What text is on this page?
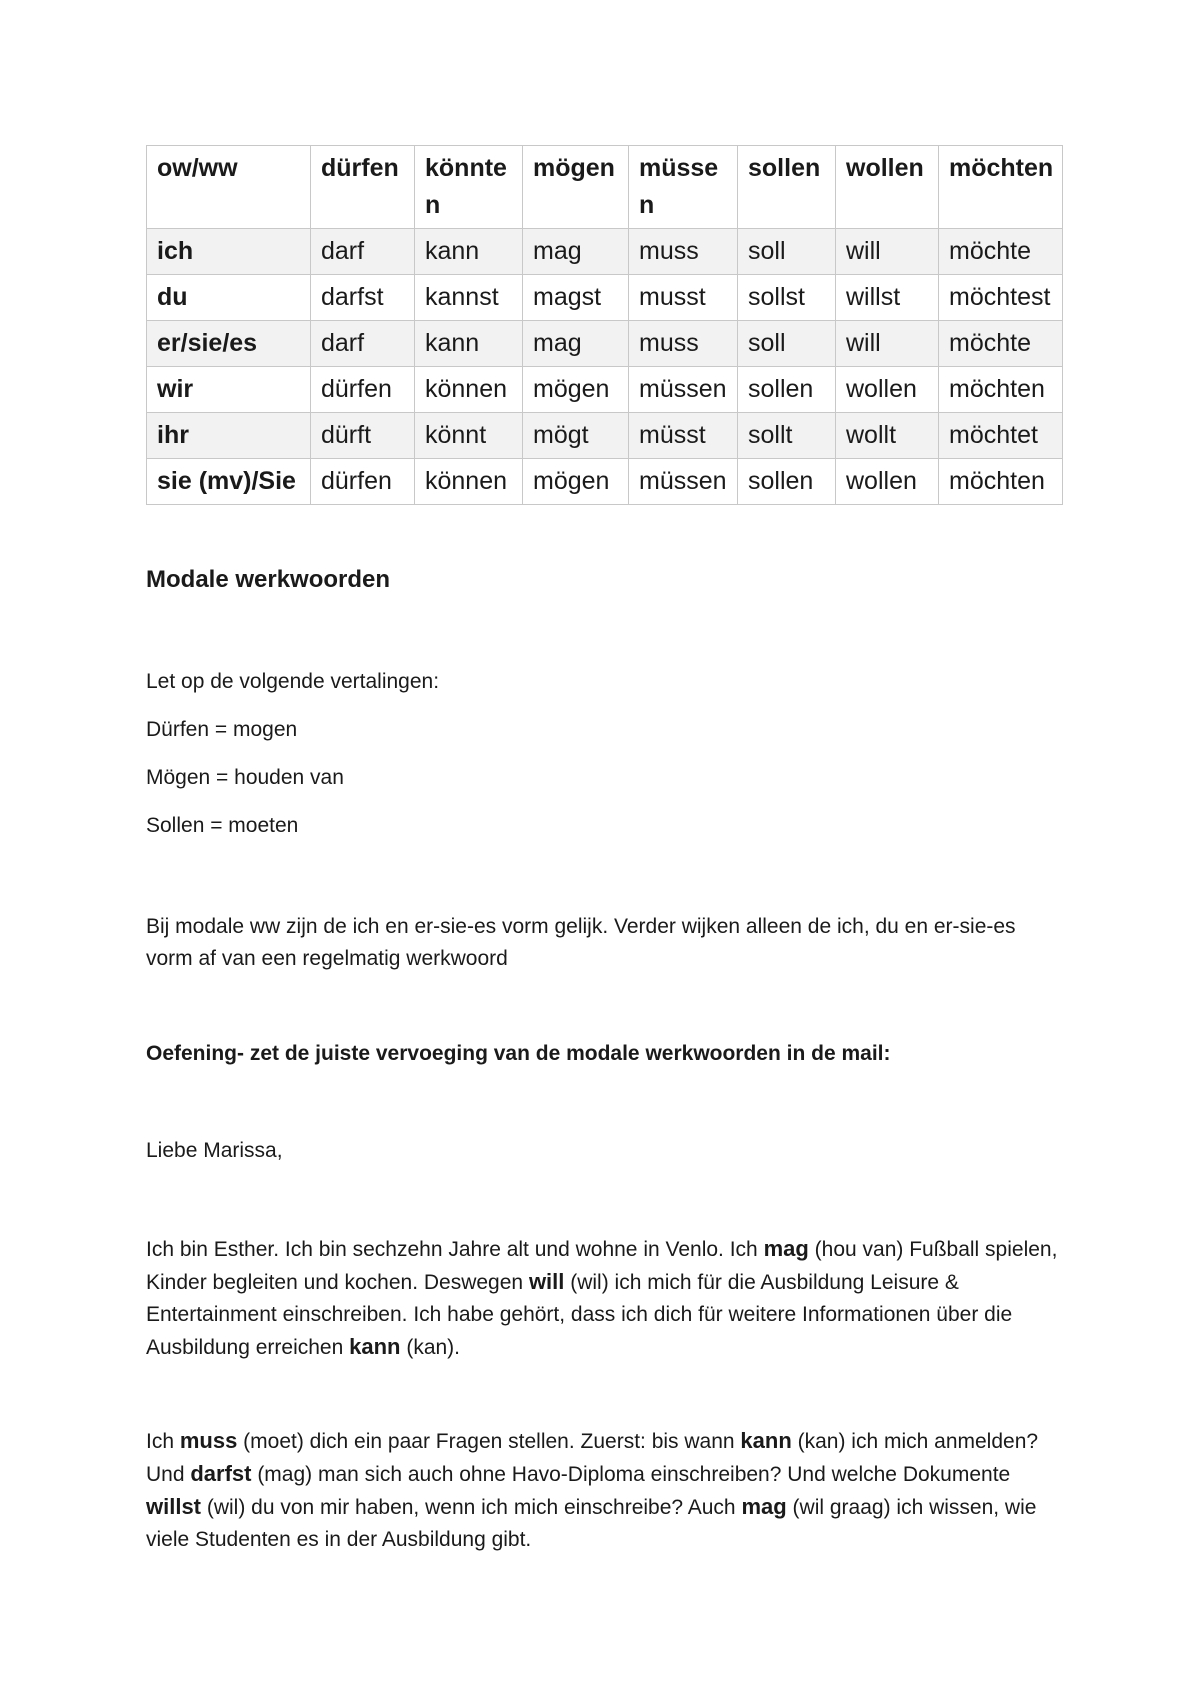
ow/ww	dürfen	könnten	mögen	müssen	sollen	wollen	möchten
ich	darf	kann	mag	muss	soll	will	möchte
du	darfst	kannst	magst	musst	sollst	willst	möchtest
er/sie/es	darf	kann	mag	muss	soll	will	möchte
wir	dürfen	können	mögen	müssen	sollen	wollen	möchten
ihr	dürft	könnt	mögt	müsst	sollt	wollt	möchtet
sie (mv)/Sie	dürfen	können	mögen	müssen	sollen	wollen	möchten
Modale werkwoorden
Let op de volgende vertalingen:
Dürfen = mogen
Mögen = houden van
Sollen = moeten
Bij modale ww zijn de ich en er-sie-es vorm gelijk. Verder wijken alleen de ich, du en er-sie-es vorm af van een regelmatig werkwoord
Oefening- zet de juiste vervoeging van de modale werkwoorden in de mail:
Liebe Marissa,
Ich bin Esther. Ich bin sechzehn Jahre alt und wohne in Venlo. Ich mag (hou van) Fußball spielen, Kinder begleiten und kochen. Deswegen will (wil) ich mich für die Ausbildung Leisure & Entertainment einschreiben. Ich habe gehört, dass ich dich für weitere Informationen über die Ausbildung erreichen kann (kan).
Ich muss (moet) dich ein paar Fragen stellen. Zuerst: bis wann kann (kan) ich mich anmelden? Und darfst (mag) man sich auch ohne Havo-Diploma einschreiben? Und welche Dokumente willst (wil) du von mir haben, wenn ich mich einschreibe? Auch mag (wil graag) ich wissen, wie viele Studenten es in der Ausbildung gibt.
